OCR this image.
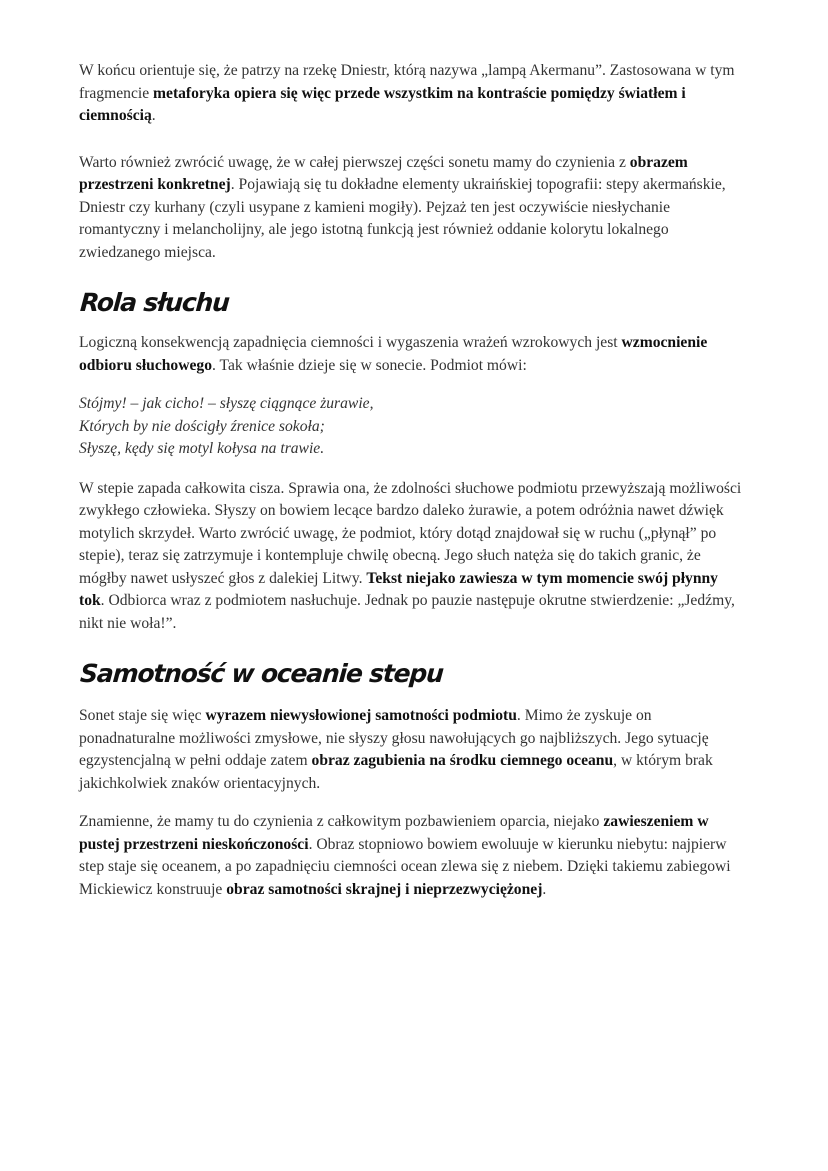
W końcu orientuje się, że patrzy na rzekę Dniestr, którą nazywa „lampą Akermanu”. Zastosowana w tym fragmencie metaforyka opiera się więc przede wszystkim na kontraście pomiędzy światłem i ciemnością.

Warto również zwrócić uwagę, że w całej pierwszej części sonetu mamy do czynienia z obrazem przestrzeni konkretnej. Pojawiają się tu dokładne elementy ukraińskiej topografii: stepy akermańskie, Dniestr czy kurhany (czyli usypane z kamieni mogiły). Pejzaż ten jest oczywiście niesłychanie romantyczny i melancholijny, ale jego istotną funkcją jest również oddanie kolorytu lokalnego zwiedzanego miejsca.

Rola słuchu

Logiczną konsekwencją zapadnięcia ciemności i wygaszenia wrażeń wzrokowych jest wzmocnienie odbioru słuchowego. Tak właśnie dzieje się w sonecie. Podmiot mówi:

Stójmy! – jak cicho! – słyszę ciągnące żurawie,
Których by nie dościgły źrenice sokoła;
Słyszę, kędy się motyl kołysa na trawie.

W stepie zapada całkowita cisza. Sprawia ona, że zdolności słuchowe podmiotu przewyższają możliwości zwykłego człowieka. Słyszy on bowiem lecące bardzo daleko żurawie, a potem odróżnia nawet dźwięk motylich skrzydeł. Warto zwrócić uwagę, że podmiot, który dotąd znajdował się w ruchu („płynął” po stepie), teraz się zatrzymuje i kontempluje chwilę obecną. Jego słuch natęża się do takich granic, że mógłby nawet usłyszeć głos z dalekiej Litwy. Tekst niejako zawiesza w tym momencie swój płynny tok. Odbiorca wraz z podmiotem nasłuchuje. Jednak po pauzie następuje okrutne stwierdzenie: „Jedźmy, nikt nie woła!”.

Samotność w oceanie stepu

Sonet staje się więc wyrazem niewysłowionej samotności podmiotu. Mimo że zyskuje on ponadnaturalne możliwości zmysłowe, nie słyszy głosu nawołujących go najbliższych. Jego sytuację egzystencjalną w pełni oddaje zatem obraz zagubienia na środku ciemnego oceanu, w którym brak jakichkolwiek znaków orientacyjnych.

Znamienne, że mamy tu do czynienia z całkowitym pozbawieniem oparcia, niejako zawieszeniem w pustej przestrzeni nieskończoności. Obraz stopniowo bowiem ewoluuje w kierunku niebytu: najpierw step staje się oceanem, a po zapadnięciu ciemności ocean zlewa się z niebem. Dzięki takiemu zabiegowi Mickiewicz konstruuje obraz samotności skrajnej i nieprzezwyciężonej.
